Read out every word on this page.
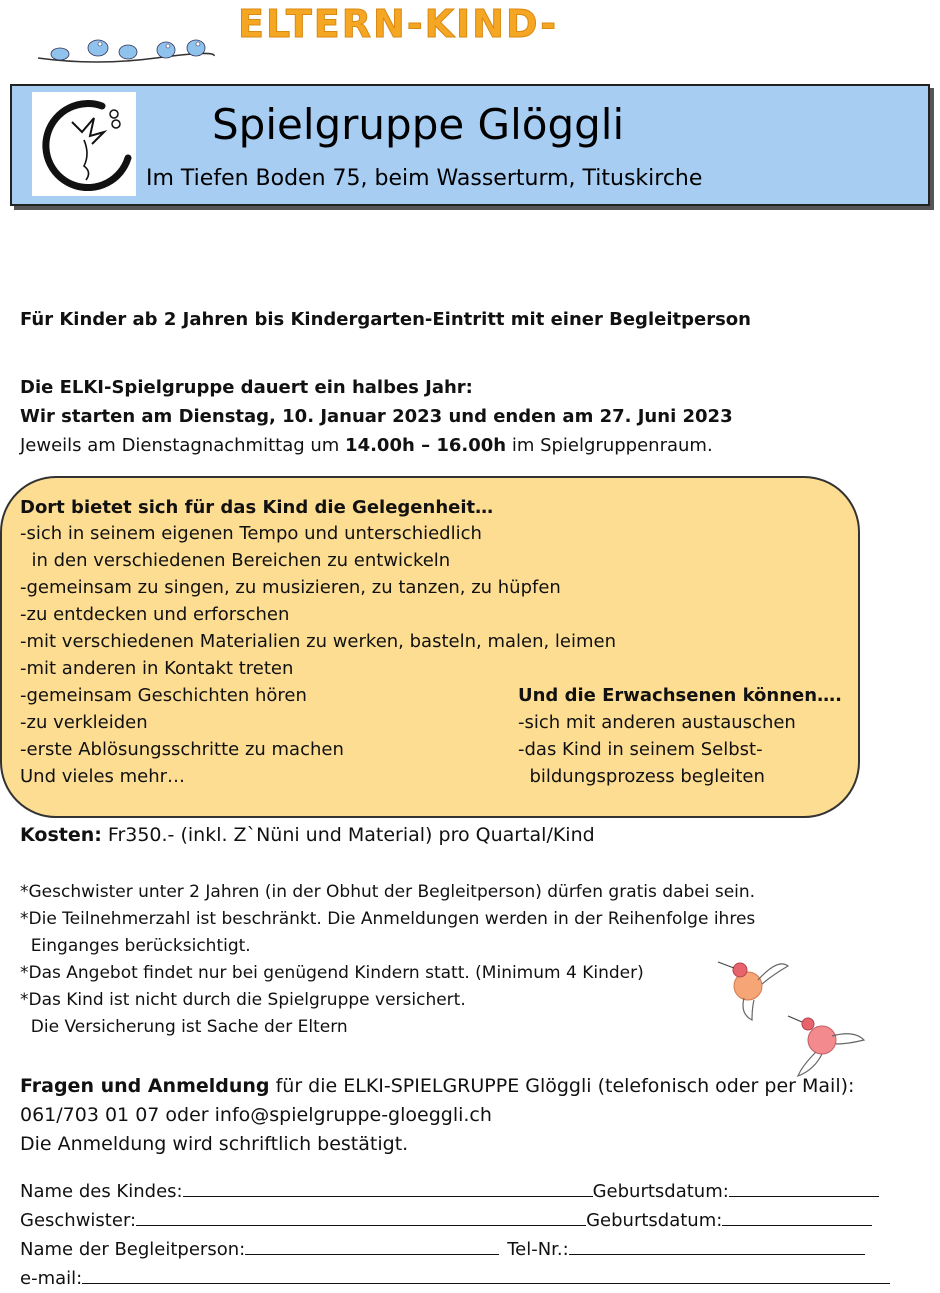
ELTERN-KIND-
Spielgruppe Glöggli
Im Tiefen Boden 75, beim Wasserturm, Tituskirche
Für Kinder ab 2 Jahren bis Kindergarten-Eintritt mit einer Begleitperson
Die ELKI-Spielgruppe dauert ein halbes Jahr:
Wir starten am Dienstag, 10. Januar 2023 und enden am 27. Juni 2023
Jeweils am Dienstagnachmittag um 14.00h – 16.00h im Spielgruppenraum.
Dort bietet sich für das Kind die Gelegenheit…
-sich in seinem eigenen Tempo und unterschiedlich
in den verschiedenen Bereichen zu entwickeln
-gemeinsam zu singen, zu musizieren, zu tanzen, zu hüpfen
-zu entdecken und erforschen
-mit verschiedenen Materialien zu werken, basteln, malen, leimen
-mit anderen in Kontakt treten
-gemeinsam Geschichten hören
-zu verkleiden
-erste Ablösungsschritte zu machen
Und vieles mehr…
Und die Erwachsenen können….
-sich mit anderen austauschen
-das Kind in seinem Selbst-
bildungsprozess begleiten
Kosten: Fr350.- (inkl. Z`Nüni und Material) pro Quartal/Kind
*Geschwister unter 2 Jahren (in der Obhut der Begleitperson) dürfen gratis dabei sein.
*Die Teilnehmerzahl ist beschränkt. Die Anmeldungen werden in der Reihenfolge ihres
Einganges berücksichtigt.
*Das Angebot findet nur bei genügend Kindern statt. (Minimum 4 Kinder)
*Das Kind ist nicht durch die Spielgruppe versichert.
Die Versicherung ist Sache der Eltern
Fragen und Anmeldung für die ELKI-SPIELGRUPPE Glöggli (telefonisch oder per Mail):
061/703 01 07 oder info@spielgruppe-gloeggli.ch
Die Anmeldung wird schriftlich bestätigt.
Name des Kindes:	Geburtsdatum:
Geschwister:	Geburtsdatum:
Name der Begleitperson:	Tel-Nr.:
e-mail:
